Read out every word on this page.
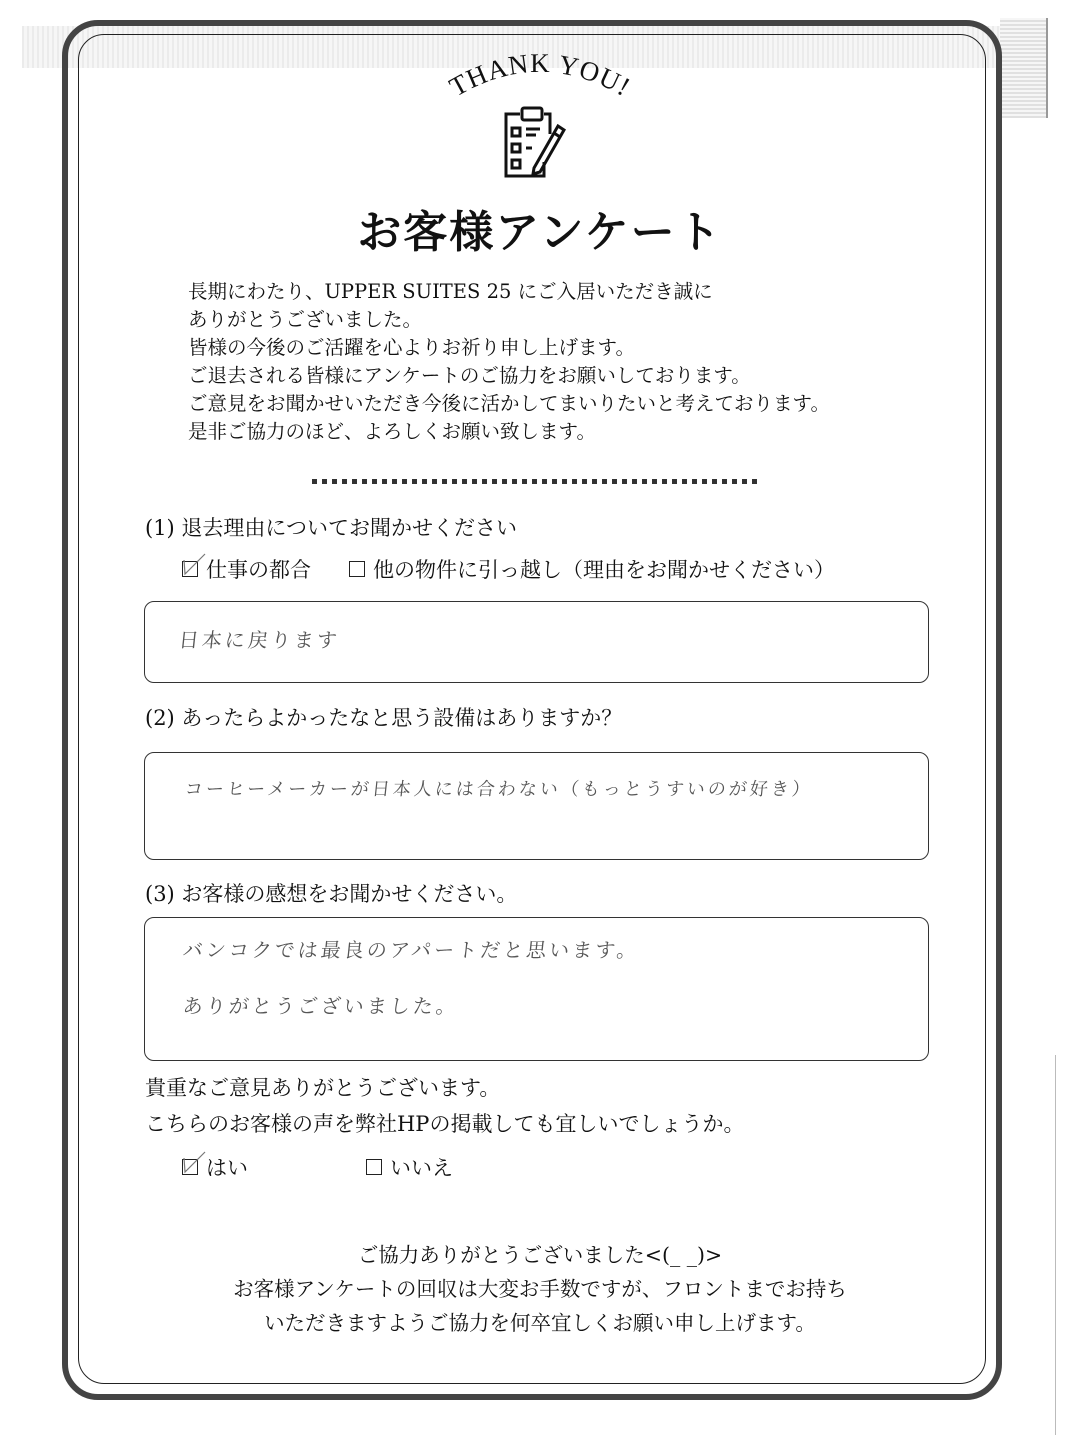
THANK YOU!
お客様アンケート
長期にわたり、UPPER SUITES 25 にご入居いただき誠に
ありがとうございました。
皆様の今後のご活躍を心よりお祈り申し上げます。
ご退去される皆様にアンケートのご協力をお願いしております。
ご意見をお聞かせいただき今後に活かしてまいりたいと考えております。
是非ご協力のほど、よろしくお願い致します。
(1) 退去理由についてお聞かせください
仕事の都合	他の物件に引っ越し（理由をお聞かせください）
日本に戻ります
(2) あったらよかったなと思う設備はありますか？
コーヒーメーカーが日本人には合わない（もっとうすいのが好き）
(3) お客様の感想をお聞かせください。
バンコクでは最良のアパートだと思います。
ありがとうございました。
貴重なご意見ありがとうございます。
こちらのお客様の声を弊社HPの掲載しても宜しいでしょうか。
はい	いいえ
ご協力ありがとうございました<(_ _)>
お客様アンケートの回収は大変お手数ですが、フロントまでお持ち
いただきますようご協力を何卒宜しくお願い申し上げます。
